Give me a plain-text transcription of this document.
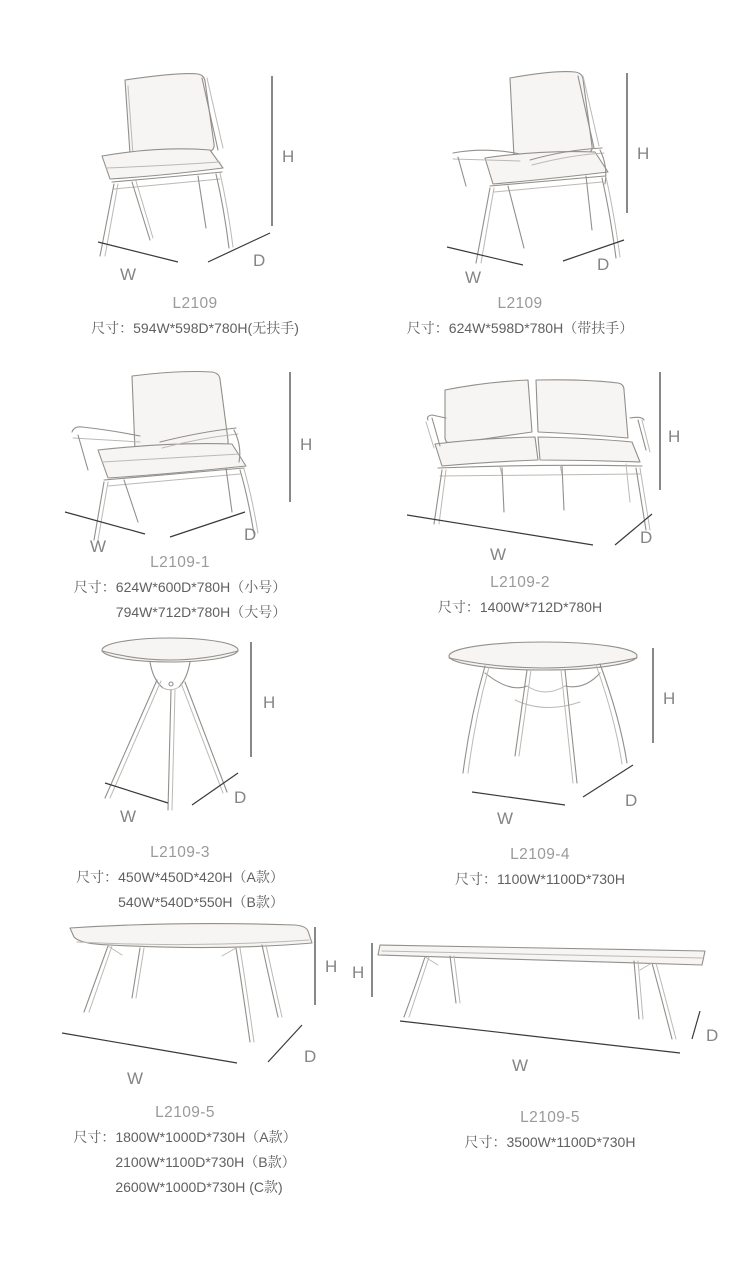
H
W
D
L2109
尺寸：594W*598D*780H(无扶手)
H
W
D
L2109
尺寸：624W*598D*780H（带扶手）
H
W
D
L2109-1
尺寸：624W*600D*780H（小号）
794W*712D*780H（大号）
H
W
D
L2109-2
尺寸：1400W*712D*780H
H
W
D
L2109-3
尺寸：450W*450D*420H（A款）
540W*540D*550H（B款）
H
W
D
L2109-4
尺寸：1100W*1100D*730H
W
D
H
L2109-5
尺寸：1800W*1000D*730H（A款）
2100W*1100D*730H（B款）
2600W*1000D*730H (C款)
H
W
D
L2109-5
尺寸：3500W*1100D*730H
